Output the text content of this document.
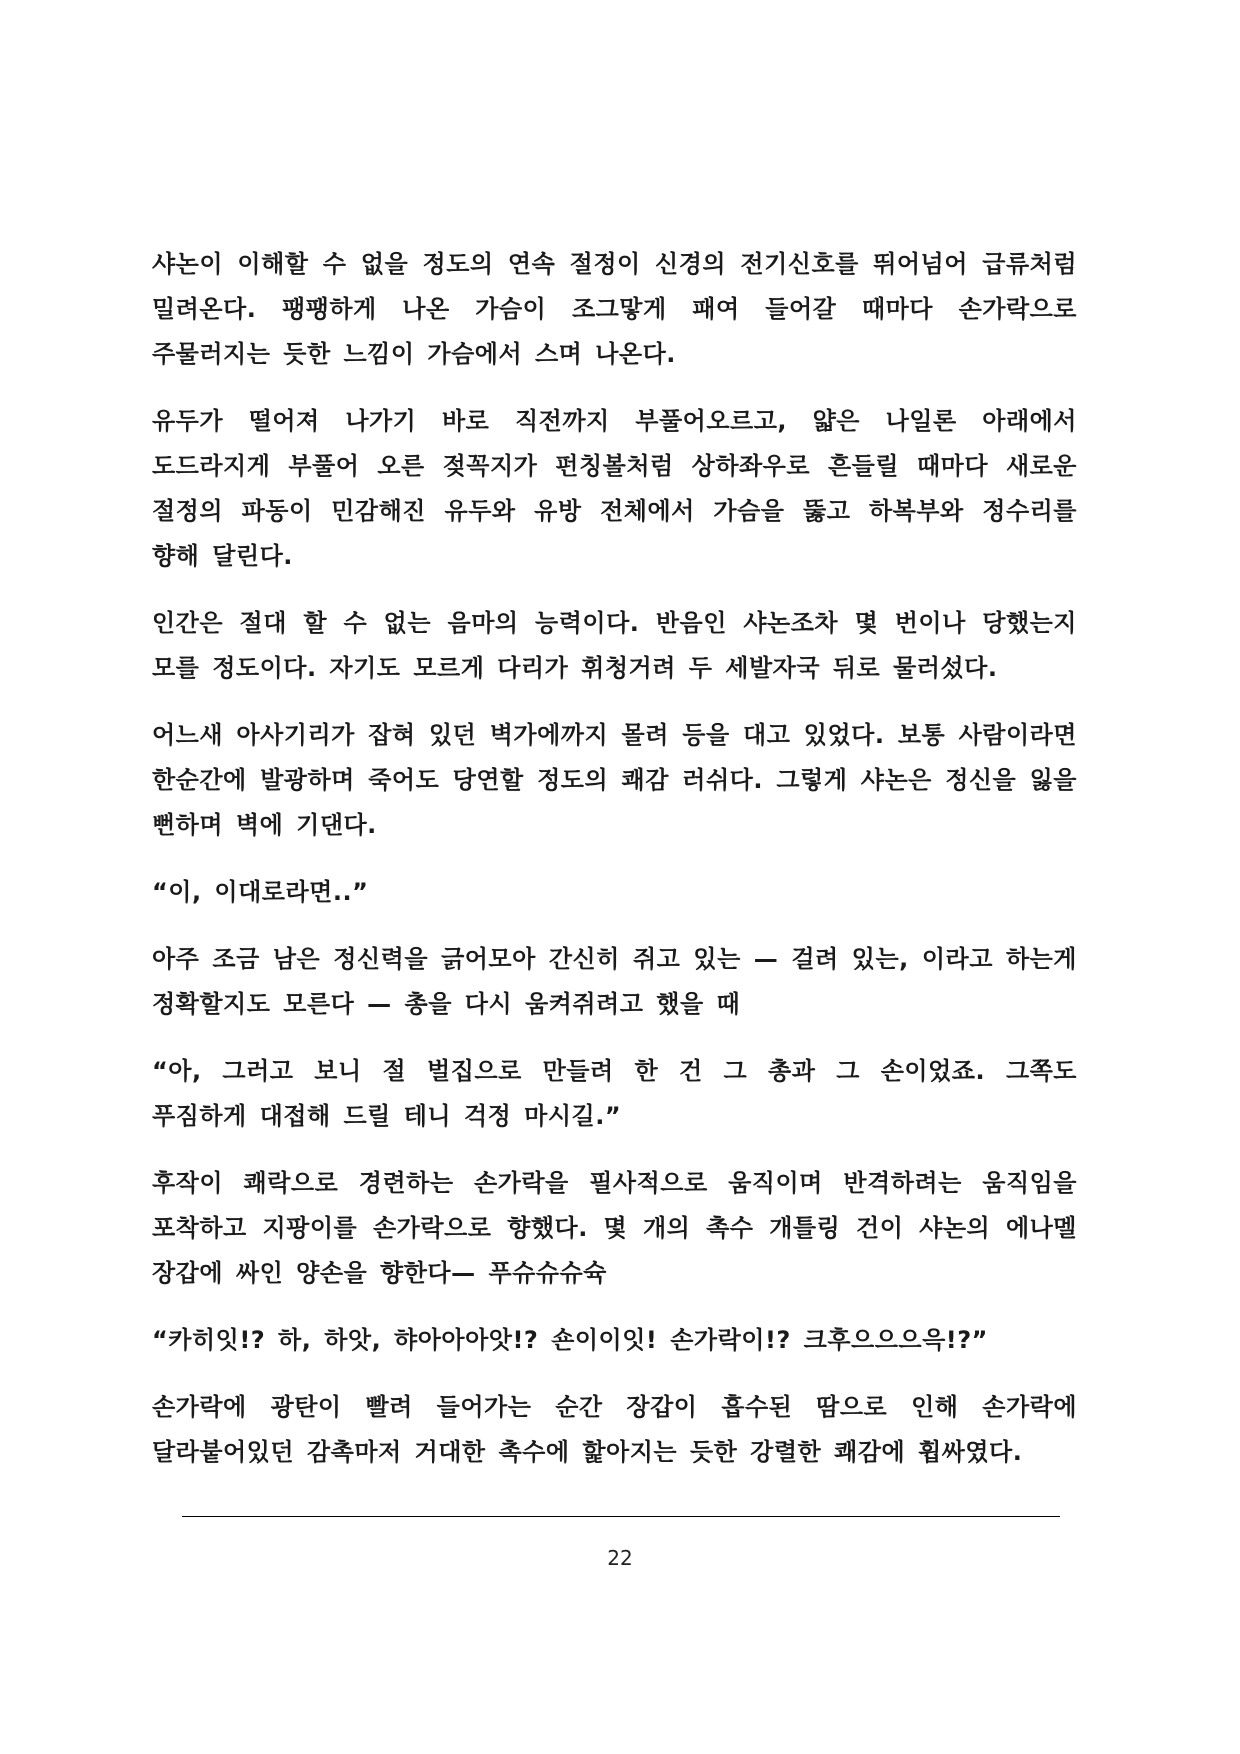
샤논이 이해할 수 없을 정도의 연속 절정이 신경의 전기신호를 뛰어넘어 급류처럼 밀려온다. 팽팽하게 나온 가슴이 조그맣게 패여 들어갈 때마다 손가락으로 주물러지는 듯한 느낌이 가슴에서 스며 나온다.

유두가 떨어져 나가기 바로 직전까지 부풀어오르고, 얇은 나일론 아래에서 도드라지게 부풀어 오른 젖꼭지가 펀칭볼처럼 상하좌우로 흔들릴 때마다 새로운 절정의 파동이 민감해진 유두와 유방 전체에서 가슴을 뚫고 하복부와 정수리를 향해 달린다.

인간은 절대 할 수 없는 음마의 능력이다. 반음인 샤논조차 몇 번이나 당했는지 모를 정도이다. 자기도 모르게 다리가 휘청거려 두 세발자국 뒤로 물러섰다.

어느새 아사기리가 잡혀 있던 벽가에까지 몰려 등을 대고 있었다. 보통 사람이라면 한순간에 발광하며 죽어도 당연할 정도의 쾌감 러쉬다. 그렇게 샤논은 정신을 잃을 뻔하며 벽에 기댄다.

“이, 이대로라면..”

아주 조금 남은 정신력을 긁어모아 간신히 쥐고 있는 — 걸려 있는, 이라고 하는게 정확할지도 모른다 — 총을 다시 움켜쥐려고 했을 때

“아, 그러고 보니 절 벌집으로 만들려 한 건 그 총과 그 손이었죠. 그쪽도 푸짐하게 대접해 드릴 테니 걱정 마시길.”

후작이 쾌락으로 경련하는 손가락을 필사적으로 움직이며 반격하려는 움직임을 포착하고 지팡이를 손가락으로 향했다. 몇 개의 촉수 개틀링 건이 샤논의 에나멜 장갑에 싸인 양손을 향한다— 푸슈슈슈슉

“카히잇!? 하, 하앗, 햐아아아앗!? 숀이이잇! 손가락이!? 크후으으으윽!?”

손가락에 광탄이 빨려 들어가는 순간 장갑이 흡수된 땀으로 인해 손가락에 달라붙어있던 감촉마저 거대한 촉수에 핥아지는 듯한 강렬한 쾌감에 휩싸였다.

22
